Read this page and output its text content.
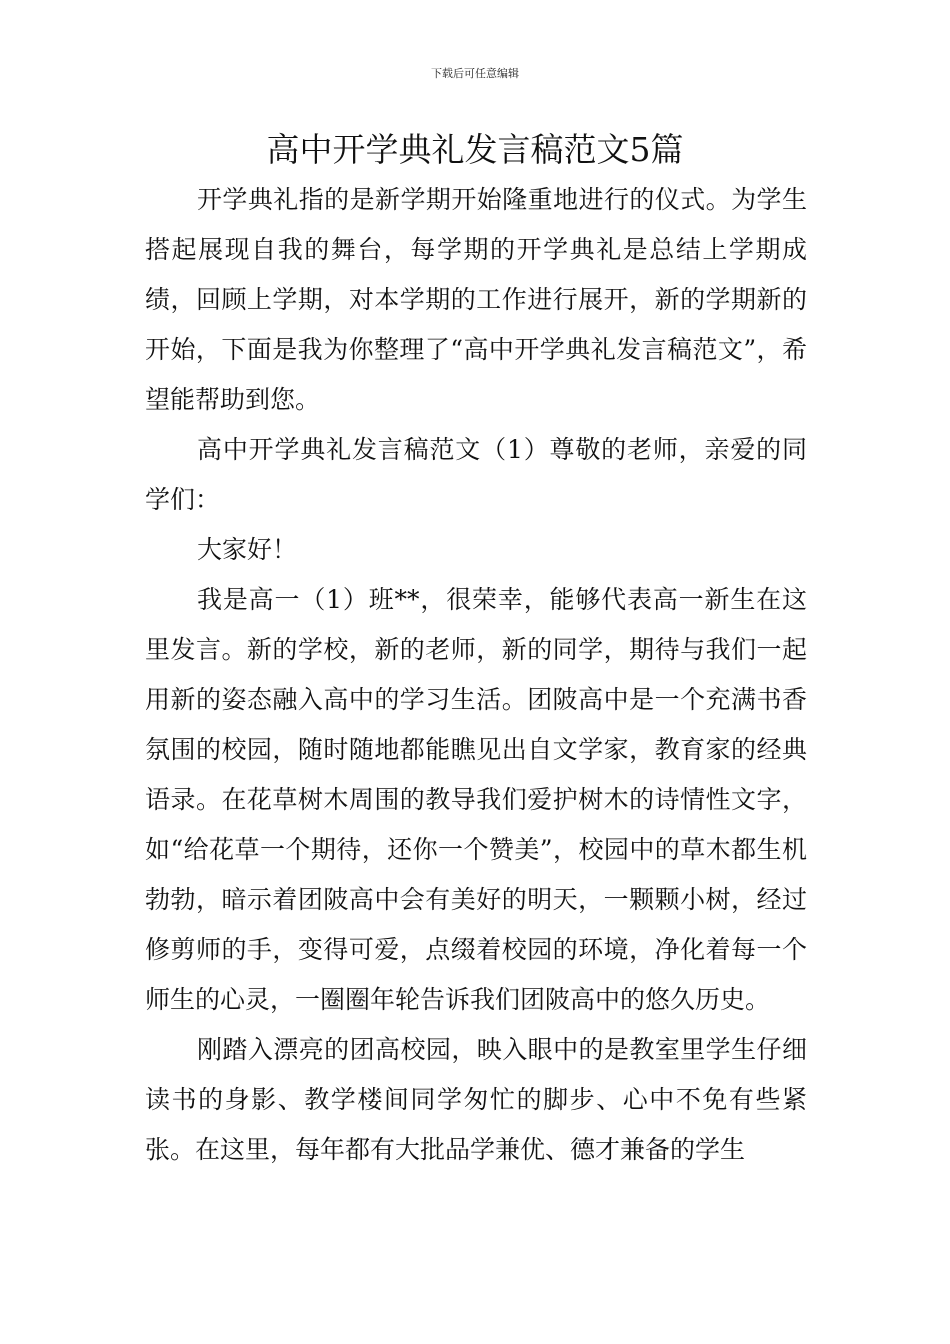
下载后可任意编辑
高中开学典礼发言稿范文5篇

开学典礼指的是新学期开始隆重地进行的仪式。为学生搭起展现自我的舞台，每学期的开学典礼是总结上学期成绩，回顾上学期，对本学期的工作进行展开，新的学期新的开始，下面是我为你整理了“高中开学典礼发言稿范文”，希望能帮助到您。

高中开学典礼发言稿范文（1）尊敬的老师，亲爱的同学们：

大家好！

我是高一（1）班**，很荣幸，能够代表高一新生在这里发言。新的学校，新的老师，新的同学，期待与我们一起用新的姿态融入高中的学习生活。团陂高中是一个充满书香氛围的校园，随时随地都能瞧见出自文学家，教育家的经典语录。在花草树木周围的教导我们爱护树木的诗情性文字，如“给花草一个期待，还你一个赞美”，校园中的草木都生机勃勃，暗示着团陂高中会有美好的明天，一颗颗小树，经过修剪师的手，变得可爱，点缀着校园的环境，净化着每一个师生的心灵，一圈圈年轮告诉我们团陂高中的悠久历史。

刚踏入漂亮的团高校园，映入眼中的是教室里学生仔细读书的身影、教学楼间同学匆忙的脚步、心中不免有些紧张。在这里，每年都有大批品学兼优、德才兼备的学生
